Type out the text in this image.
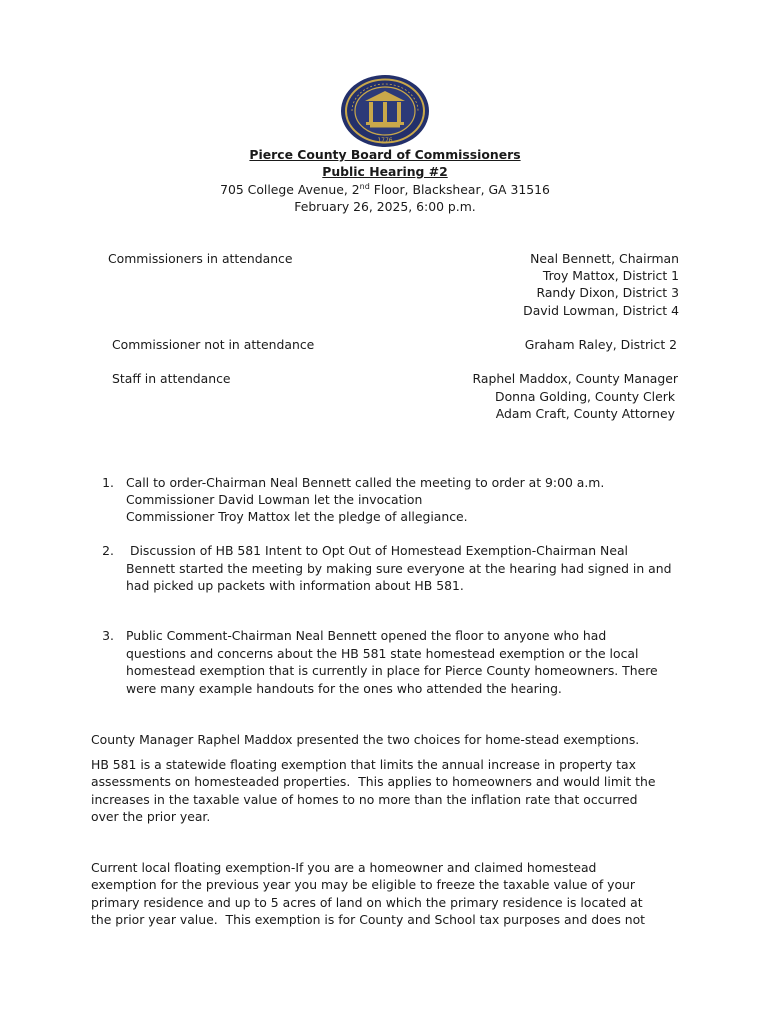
1776
Pierce County Board of Commissioners
Public Hearing #2
705 College Avenue, 2nd Floor, Blackshear, GA 31516
February 26, 2025, 6:00 p.m.
Commissioners in attendance	Neal Bennett, Chairman
Troy Mattox, District 1
Randy Dixon, District 3
David Lowman, District 4
Commissioner not in attendance	Graham Raley, District 2
Staff in attendance	Raphel Maddox, County Manager
Donna Golding, County Clerk
Adam Craft, County Attorney
1. Call to order-Chairman Neal Bennett called the meeting to order at 9:00 a.m.
Commissioner David Lowman let the invocation
Commissioner Troy Mattox let the pledge of allegiance.
2. Discussion of HB 581 Intent to Opt Out of Homestead Exemption-Chairman Neal
Bennett started the meeting by making sure everyone at the hearing had signed in and
had picked up packets with information about HB 581.
3. Public Comment-Chairman Neal Bennett opened the floor to anyone who had
questions and concerns about the HB 581 state homestead exemption or the local
homestead exemption that is currently in place for Pierce County homeowners. There
were many example handouts for the ones who attended the hearing.
County Manager Raphel Maddox presented the two choices for home-stead exemptions.
HB 581 is a statewide floating exemption that limits the annual increase in property tax
assessments on homesteaded properties.  This applies to homeowners and would limit the
increases in the taxable value of homes to no more than the inflation rate that occurred
over the prior year.
Current local floating exemption-If you are a homeowner and claimed homestead
exemption for the previous year you may be eligible to freeze the taxable value of your
primary residence and up to 5 acres of land on which the primary residence is located at
the prior year value.  This exemption is for County and School tax purposes and does not
